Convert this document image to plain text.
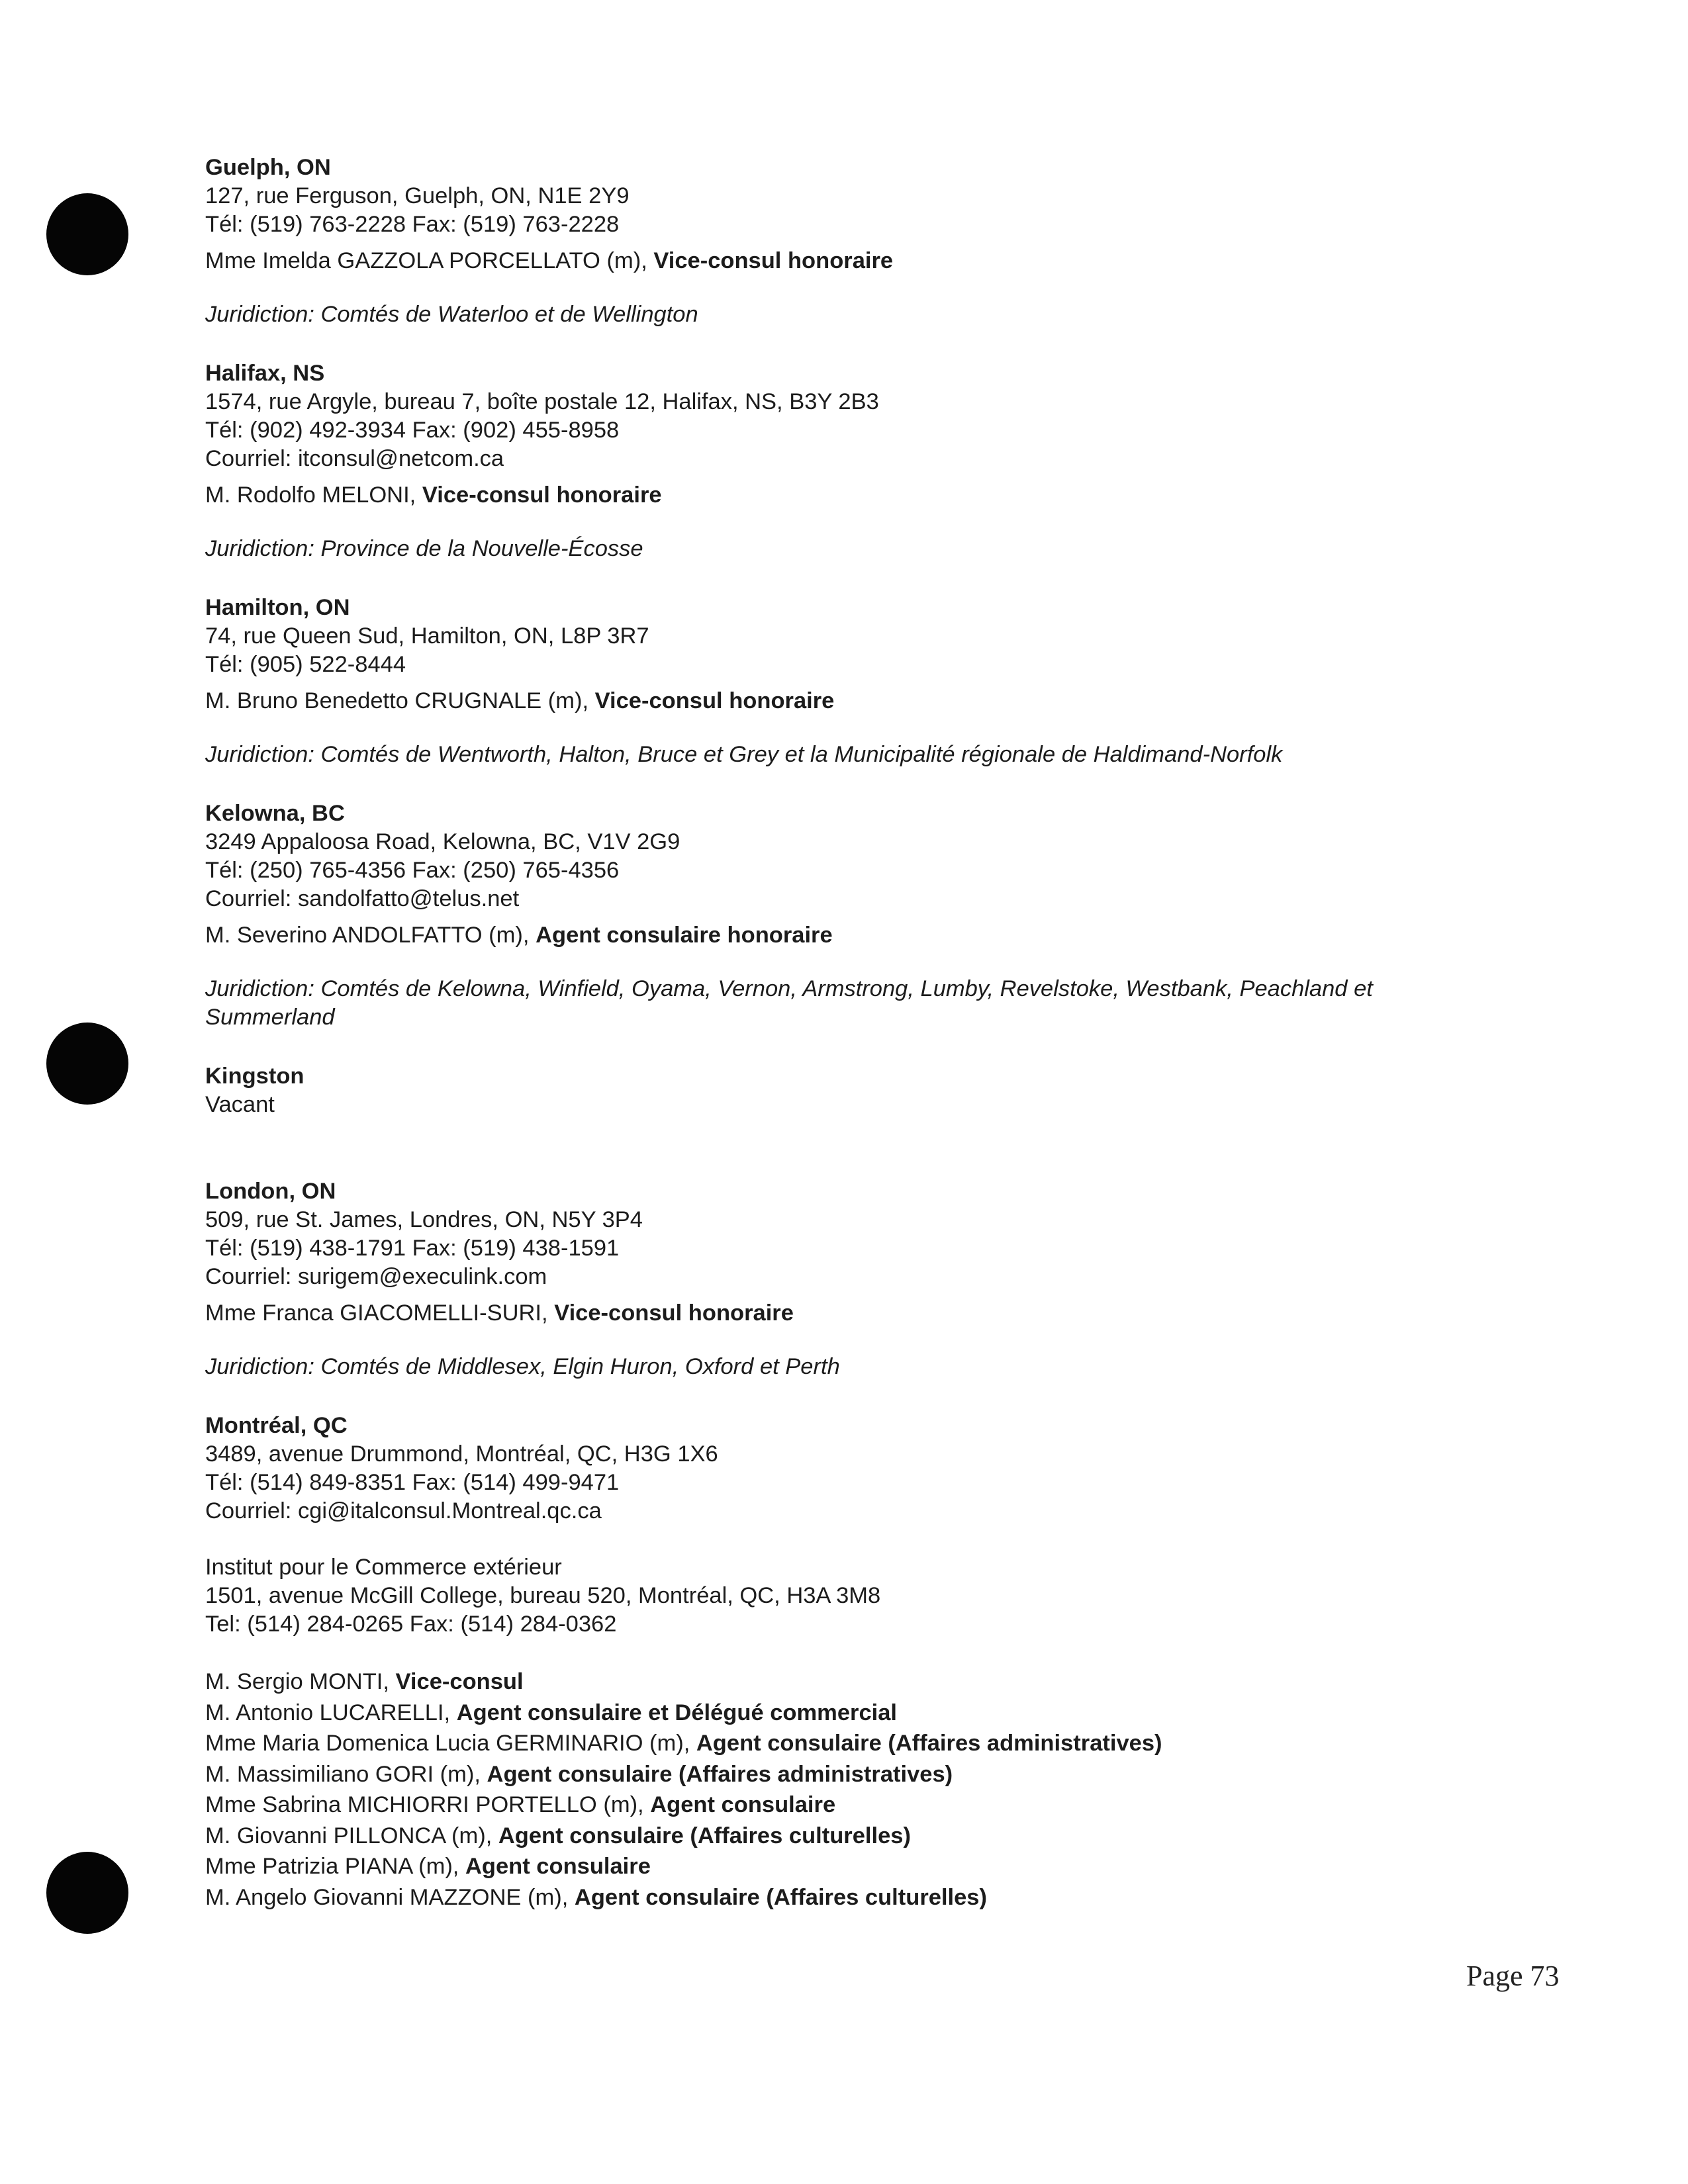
Guelph, ON
127, rue Ferguson, Guelph, ON, N1E 2Y9
Tél: (519) 763-2228 Fax: (519) 763-2228
Mme Imelda GAZZOLA PORCELLATO (m), Vice-consul honoraire
Juridiction: Comtés de Waterloo et de Wellington
Halifax, NS
1574, rue Argyle, bureau 7, boîte postale 12, Halifax, NS, B3Y 2B3
Tél: (902) 492-3934 Fax: (902) 455-8958
Courriel: itconsul@netcom.ca
M. Rodolfo MELONI, Vice-consul honoraire
Juridiction: Province de la Nouvelle-Écosse
Hamilton, ON
74, rue Queen Sud, Hamilton, ON, L8P 3R7
Tél: (905) 522-8444
M. Bruno Benedetto CRUGNALE (m), Vice-consul honoraire
Juridiction: Comtés de Wentworth, Halton, Bruce et Grey et la Municipalité régionale de Haldimand-Norfolk
Kelowna, BC
3249 Appaloosa Road, Kelowna, BC, V1V 2G9
Tél: (250) 765-4356 Fax: (250) 765-4356
Courriel: sandolfatto@telus.net
M. Severino ANDOLFATTO (m), Agent consulaire honoraire
Juridiction: Comtés de Kelowna, Winfield, Oyama, Vernon, Armstrong, Lumby, Revelstoke, Westbank, Peachland et Summerland
Kingston
Vacant
London, ON
509, rue St. James, Londres, ON, N5Y 3P4
Tél: (519) 438-1791 Fax: (519) 438-1591
Courriel: surigem@execulink.com
Mme Franca GIACOMELLI-SURI, Vice-consul honoraire
Juridiction: Comtés de Middlesex, Elgin Huron, Oxford et Perth
Montréal, QC
3489, avenue Drummond, Montréal, QC, H3G 1X6
Tél: (514) 849-8351 Fax: (514) 499-9471
Courriel: cgi@italconsul.Montreal.qc.ca
Institut pour le Commerce extérieur
1501, avenue McGill College, bureau 520, Montréal, QC, H3A 3M8
Tel: (514) 284-0265 Fax: (514) 284-0362
M. Sergio MONTI, Vice-consul
M. Antonio LUCARELLI, Agent consulaire et Délégué commercial
Mme Maria Domenica Lucia GERMINARIO (m), Agent consulaire (Affaires administratives)
M. Massimiliano GORI (m), Agent consulaire (Affaires administratives)
Mme Sabrina MICHIORRI PORTELLO (m), Agent consulaire
M. Giovanni PILLONCA (m), Agent consulaire (Affaires culturelles)
Mme Patrizia PIANA (m), Agent consulaire
M. Angelo Giovanni MAZZONE (m), Agent consulaire (Affaires culturelles)
Page 73
